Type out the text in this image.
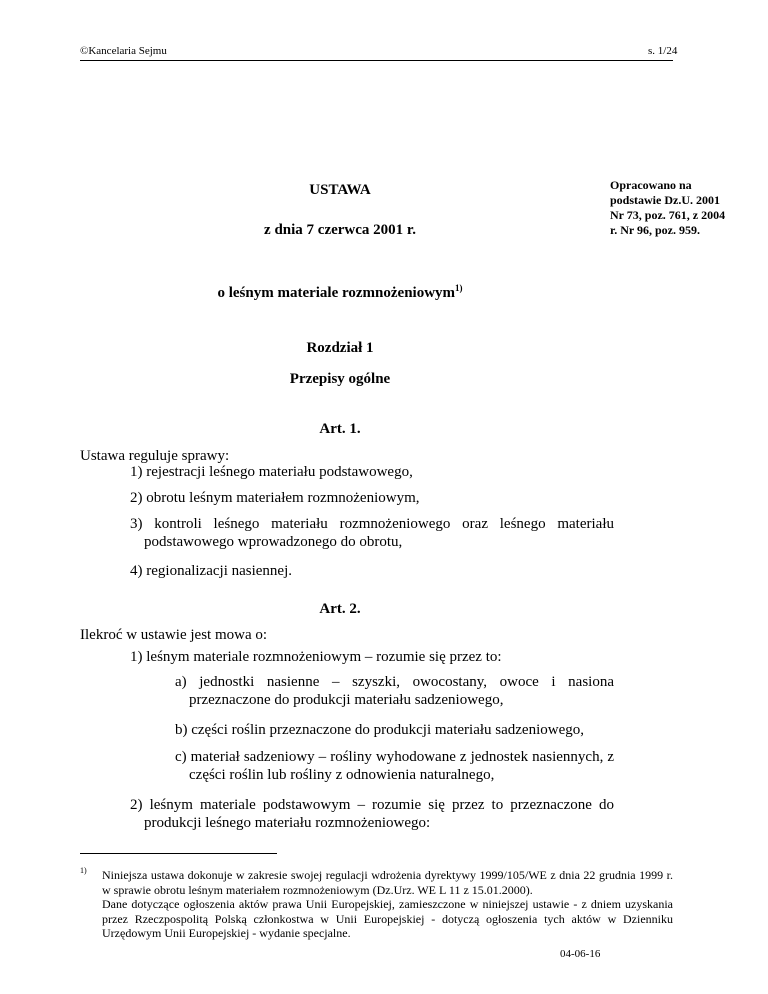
©Kancelaria Sejmu	s. 1/24
Opracowano na podstawie Dz.U. 2001 Nr 73, poz. 761, z 2004 r. Nr 96, poz. 959.
USTAWA
z dnia 7 czerwca 2001 r.
o leśnym materiale rozmnożeniowym$^{1)}$
Rozdział 1
Przepisy ogólne
Art. 1.
Ustawa reguluje sprawy:
1) rejestracji leśnego materiału podstawowego,
2) obrotu leśnym materiałem rozmnożeniowym,
3) kontroli leśnego materiału rozmnożeniowego oraz leśnego materiału podstawowego wprowadzonego do obrotu,
4) regionalizacji nasiennej.
Art. 2.
Ilekroć w ustawie jest mowa o:
1) leśnym materiale rozmnożeniowym – rozumie się przez to:
a) jednostki nasienne – szyszki, owocostany, owoce i nasiona przeznaczone do produkcji materiału sadzeniowego,
b) części roślin przeznaczone do produkcji materiału sadzeniowego,
c) materiał sadzeniowy – rośliny wyhodowane z jednostek nasiennych, z części roślin lub rośliny z odnowienia naturalnego,
2) leśnym materiale podstawowym – rozumie się przez to przeznaczone do produkcji leśnego materiału rozmnożeniowego:
1) Niniejsza ustawa dokonuje w zakresie swojej regulacji wdrożenia dyrektywy 1999/105/WE z dnia 22 grudnia 1999 r. w sprawie obrotu leśnym materiałem rozmnożeniowym (Dz.Urz. WE L 11 z 15.01.2000).
Dane dotyczące ogłoszenia aktów prawa Unii Europejskiej, zamieszczone w niniejszej ustawie - z dniem uzyskania przez Rzeczpospolitą Polską członkostwa w Unii Europejskiej - dotyczą ogłoszenia tych aktów w Dzienniku Urzędowym Unii Europejskiej - wydanie specjalne.
04-06-16
